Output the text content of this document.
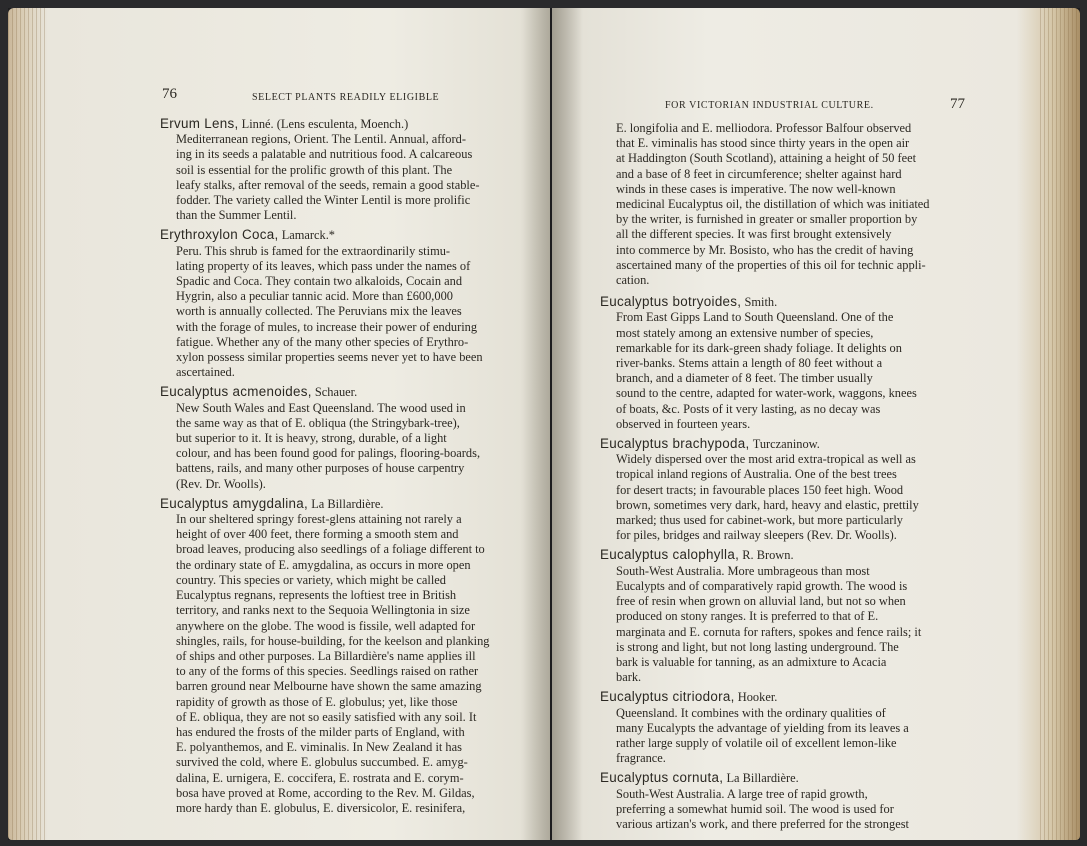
76	SELECT PLANTS READILY ELIGIBLE
Ervum Lens, Linné. (Lens esculenta, Moench.)
Mediterranean regions, Orient. The Lentil. Annual, afford-
ing in its seeds a palatable and nutritious food. A calcareous
soil is essential for the prolific growth of this plant. The
leafy stalks, after removal of the seeds, remain a good stable-
fodder. The variety called the Winter Lentil is more prolific
than the Summer Lentil.
Erythroxylon Coca, Lamarck.*
Peru. This shrub is famed for the extraordinarily stimu-
lating property of its leaves, which pass under the names of
Spadic and Coca. They contain two alkaloids, Cocain and
Hygrin, also a peculiar tannic acid. More than £600,000
worth is annually collected. The Peruvians mix the leaves
with the forage of mules, to increase their power of enduring
fatigue. Whether any of the many other species of Erythro-
xylon possess similar properties seems never yet to have been
ascertained.
Eucalyptus acmenoides, Schauer.
New South Wales and East Queensland. The wood used in
the same way as that of E. obliqua (the Stringybark-tree),
but superior to it. It is heavy, strong, durable, of a light
colour, and has been found good for palings, flooring-boards,
battens, rails, and many other purposes of house carpentry
(Rev. Dr. Woolls).
Eucalyptus amygdalina, La Billardière.
In our sheltered springy forest-glens attaining not rarely a
height of over 400 feet, there forming a smooth stem and
broad leaves, producing also seedlings of a foliage different to
the ordinary state of E. amygdalina, as occurs in more open
country. This species or variety, which might be called
Eucalyptus regnans, represents the loftiest tree in British
territory, and ranks next to the Sequoia Wellingtonia in size
anywhere on the globe. The wood is fissile, well adapted for
shingles, rails, for house-building, for the keelson and planking
of ships and other purposes. La Billardière's name applies ill
to any of the forms of this species. Seedlings raised on rather
barren ground near Melbourne have shown the same amazing
rapidity of growth as those of E. globulus; yet, like those
of E. obliqua, they are not so easily satisfied with any soil. It
has endured the frosts of the milder parts of England, with
E. polyanthemos, and E. viminalis. In New Zealand it has
survived the cold, where E. globulus succumbed. E. amyg-
dalina, E. urnigera, E. coccifera, E. rostrata and E. corym-
bosa have proved at Rome, according to the Rev. M. Gildas,
more hardy than E. globulus, E. diversicolor, E. resinifera,
FOR VICTORIAN INDUSTRIAL CULTURE.	77
E. longifolia and E. melliodora. Professor Balfour observed
that E. viminalis has stood since thirty years in the open air
at Haddington (South Scotland), attaining a height of 50 feet
and a base of 8 feet in circumference; shelter against hard
winds in these cases is imperative. The now well-known
medicinal Eucalyptus oil, the distillation of which was initiated
by the writer, is furnished in greater or smaller proportion by
all the different species. It was first brought extensively
into commerce by Mr. Bosisto, who has the credit of having
ascertained many of the properties of this oil for technic appli-
cation.
Eucalyptus botryoides, Smith.
From East Gipps Land to South Queensland. One of the
most stately among an extensive number of species,
remarkable for its dark-green shady foliage. It delights on
river-banks. Stems attain a length of 80 feet without a
branch, and a diameter of 8 feet. The timber usually
sound to the centre, adapted for water-work, waggons, knees
of boats, &c. Posts of it very lasting, as no decay was
observed in fourteen years.
Eucalyptus brachypoda, Turczaninow.
Widely dispersed over the most arid extra-tropical as well as
tropical inland regions of Australia. One of the best trees
for desert tracts; in favourable places 150 feet high. Wood
brown, sometimes very dark, hard, heavy and elastic, prettily
marked; thus used for cabinet-work, but more particularly
for piles, bridges and railway sleepers (Rev. Dr. Woolls).
Eucalyptus calophylla, R. Brown.
South-West Australia. More umbrageous than most
Eucalypts and of comparatively rapid growth. The wood is
free of resin when grown on alluvial land, but not so when
produced on stony ranges. It is preferred to that of E.
marginata and E. cornuta for rafters, spokes and fence rails; it
is strong and light, but not long lasting underground. The
bark is valuable for tanning, as an admixture to Acacia
bark.
Eucalyptus citriodora, Hooker.
Queensland. It combines with the ordinary qualities of
many Eucalypts the advantage of yielding from its leaves a
rather large supply of volatile oil of excellent lemon-like
fragrance.
Eucalyptus cornuta, La Billardière.
South-West Australia. A large tree of rapid growth,
preferring a somewhat humid soil. The wood is used for
various artizan's work, and there preferred for the strongest
